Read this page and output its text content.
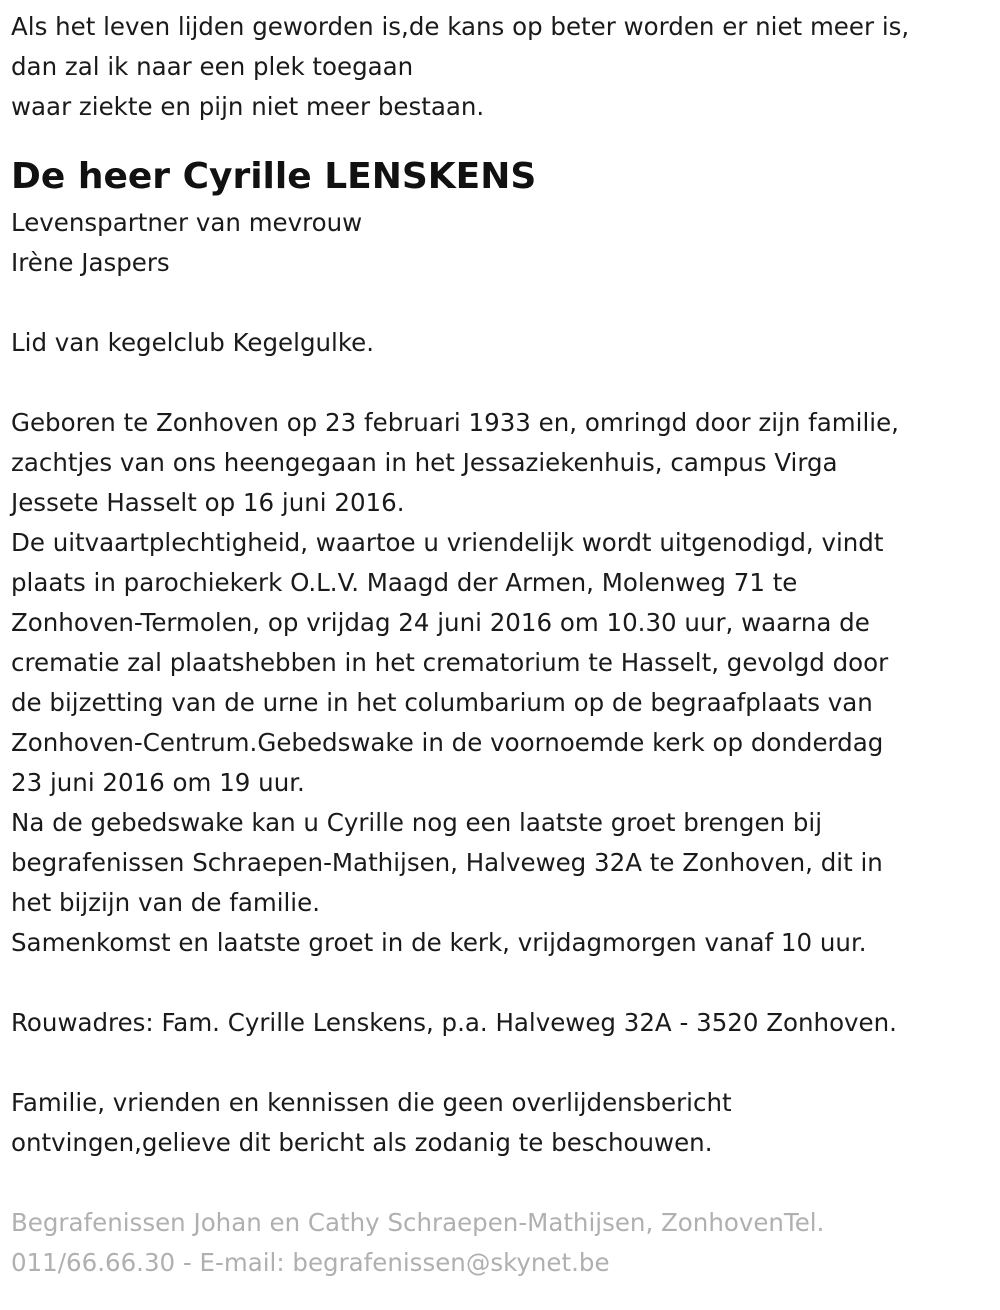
Als het leven lijden geworden is,de kans op beter worden er niet meer is,
dan zal ik naar een plek toegaan
waar ziekte en pijn niet meer bestaan.
De heer Cyrille LENSKENS
Levenspartner van mevrouw
Irène Jaspers
Lid van kegelclub Kegelgulke.
Geboren te Zonhoven op 23 februari 1933 en, omringd door zijn familie,
zachtjes van ons heengegaan in het Jessaziekenhuis, campus Virga
Jessete Hasselt op 16 juni 2016.
De uitvaartplechtigheid, waartoe u vriendelijk wordt uitgenodigd, vindt
plaats in parochiekerk O.L.V. Maagd der Armen, Molenweg 71 te
Zonhoven-Termolen, op vrijdag 24 juni 2016 om 10.30 uur, waarna de
crematie zal plaatshebben in het crematorium te Hasselt, gevolgd door
de bijzetting van de urne in het columbarium op de begraafplaats van
Zonhoven-Centrum.Gebedswake in de voornoemde kerk op donderdag
23 juni 2016 om 19 uur.
Na de gebedswake kan u Cyrille nog een laatste groet brengen bij
begrafenissen Schraepen-Mathijsen, Halveweg 32A te Zonhoven, dit in
het bijzijn van de familie.
Samenkomst en laatste groet in de kerk, vrijdagmorgen vanaf 10 uur.
Rouwadres: Fam. Cyrille Lenskens, p.a. Halveweg 32A - 3520 Zonhoven.
Familie, vrienden en kennissen die geen overlijdensbericht
ontvingen,gelieve dit bericht als zodanig te beschouwen.
Begrafenissen Johan en Cathy Schraepen-Mathijsen, ZonhovenTel.
011/66.66.30 - E-mail: begrafenissen@skynet.be
